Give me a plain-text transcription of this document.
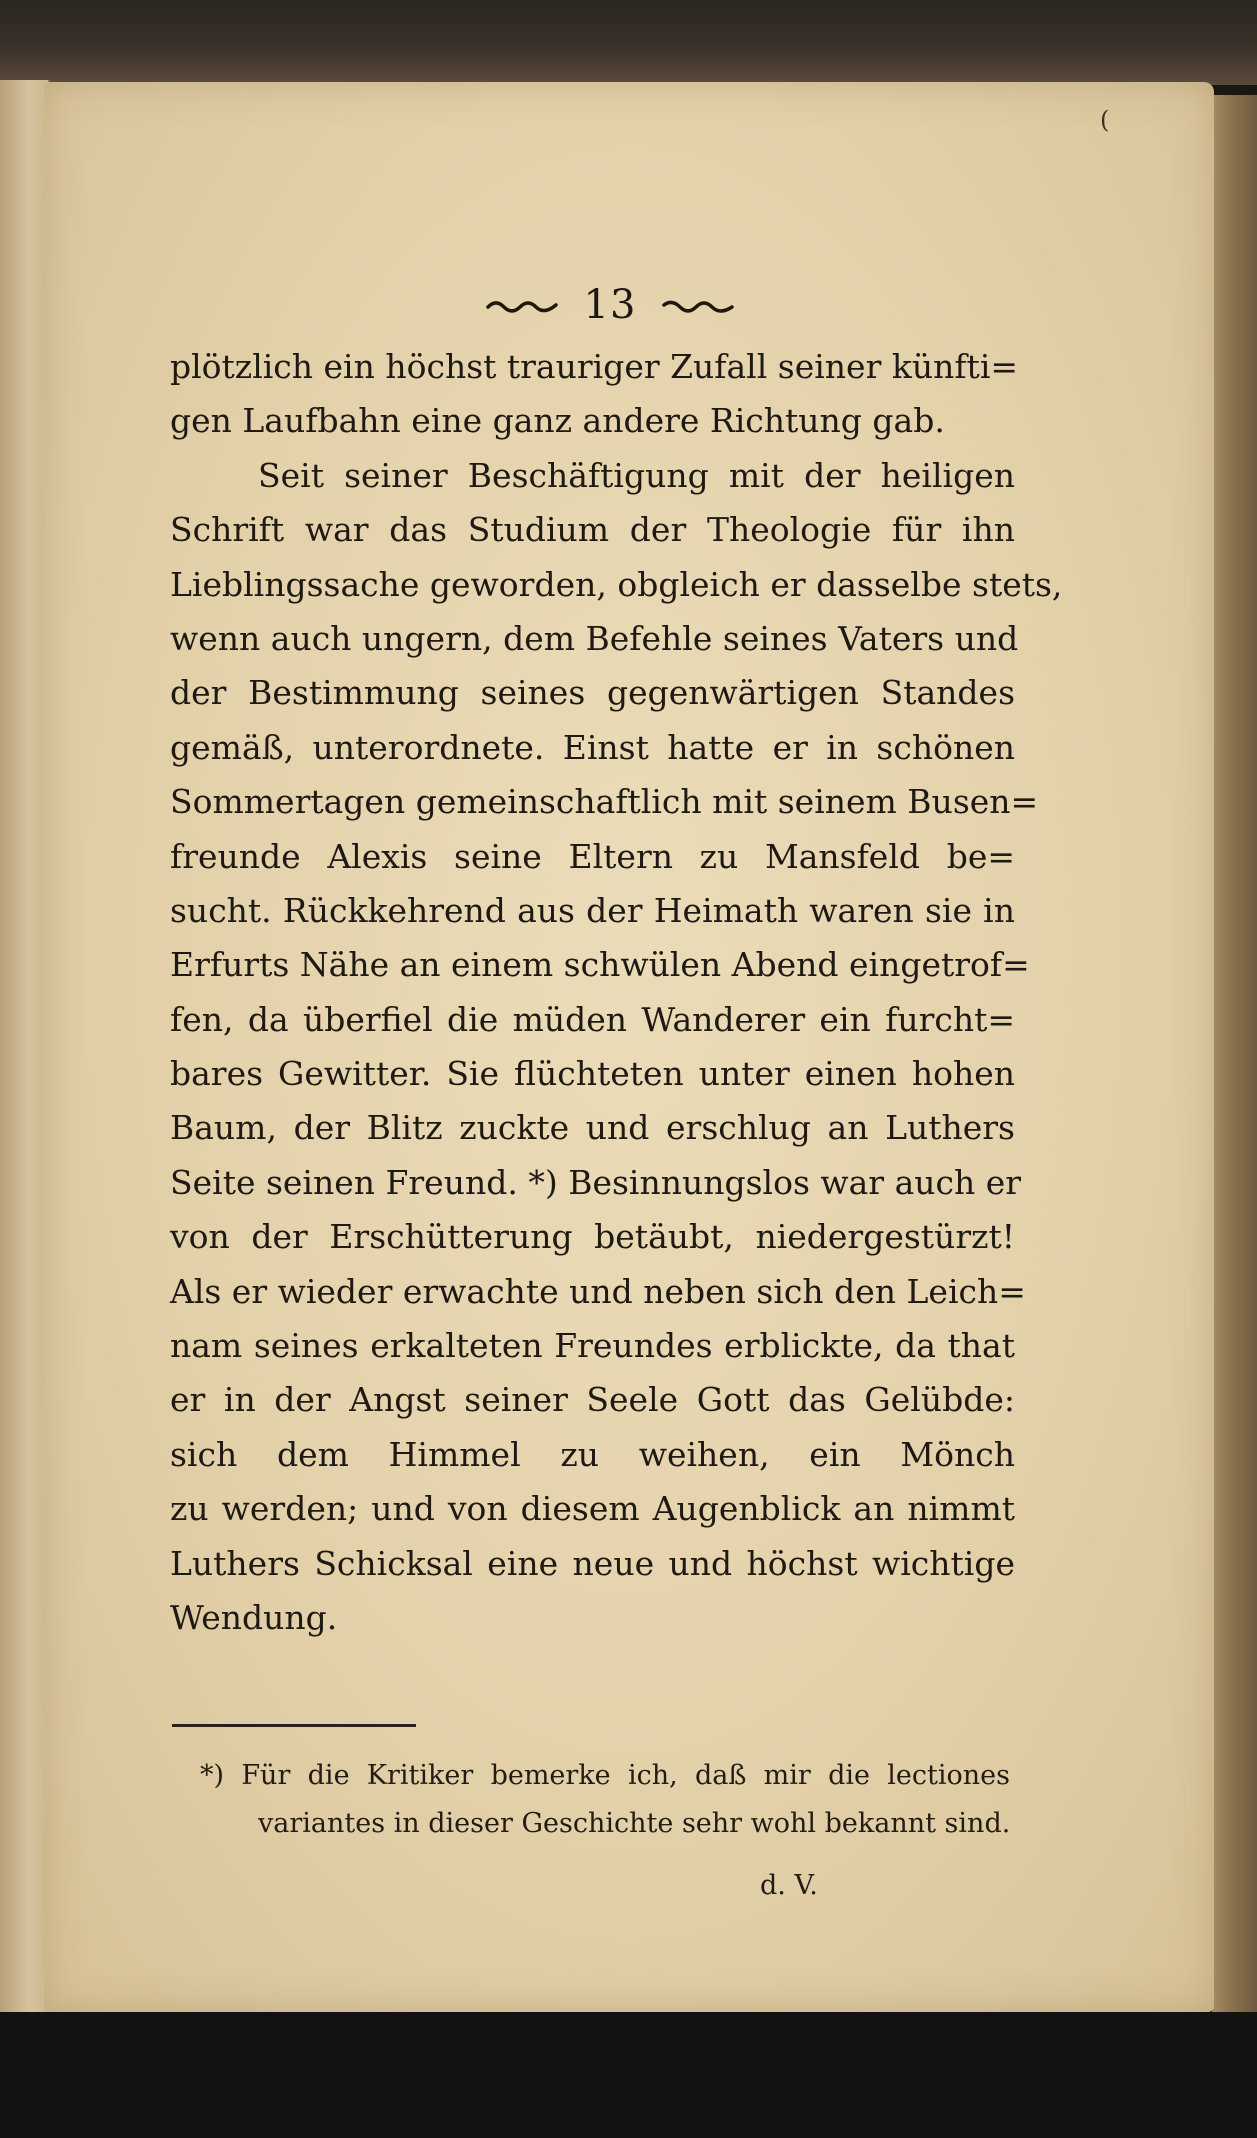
(
13
plötzlich ein höchst trauriger Zufall seiner künfti=
gen Laufbahn eine ganz andere Richtung gab.
Seit seiner Beschäftigung mit der heiligen
Schrift war das Studium der Theologie für ihn
Lieblingssache geworden, obgleich er dasselbe stets,
wenn auch ungern, dem Befehle seines Vaters und
der Bestimmung seines gegenwärtigen Standes
gemäß, unterordnete. Einst hatte er in schönen
Sommertagen gemeinschaftlich mit seinem Busen=
freunde Alexis seine Eltern zu Mansfeld be=
sucht. Rückkehrend aus der Heimath waren sie in
Erfurts Nähe an einem schwülen Abend eingetrof=
fen, da überfiel die müden Wanderer ein furcht=
bares Gewitter. Sie flüchteten unter einen hohen
Baum, der Blitz zuckte und erschlug an Luthers
Seite seinen Freund. *) Besinnungslos war auch er
von der Erschütterung betäubt, niedergestürzt!
Als er wieder erwachte und neben sich den Leich=
nam seines erkalteten Freundes erblickte, da that
er in der Angst seiner Seele Gott das Gelübde:
sich dem Himmel zu weihen, ein Mönch
zu werden; und von diesem Augenblick an nimmt
Luthers Schicksal eine neue und höchst wichtige
Wendung.
*) Für die Kritiker bemerke ich, daß mir die lectiones
variantes in dieser Geschichte sehr wohl bekannt sind.
d. V.
